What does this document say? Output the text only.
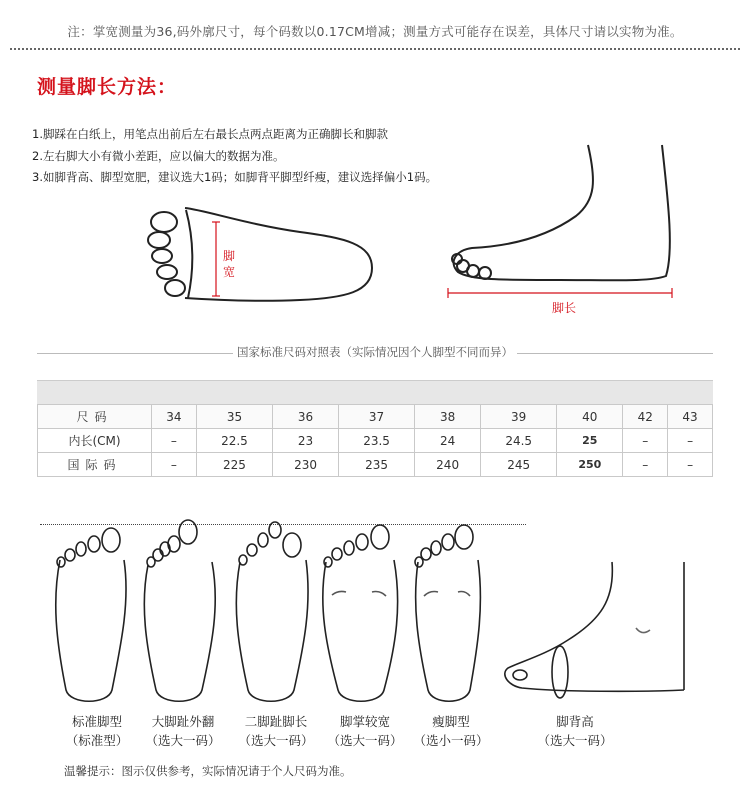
注：掌宽测量为36,码外廓尺寸，每个码数以0.17CM增减；测量方式可能存在误差，具体尺寸请以实物为准。
测量脚长方法：
1.脚踩在白纸上，用笔点出前后左右最长点两点距离为正确脚长和脚款
2.左右脚大小有微小差距，应以偏大的数据为准。
3.如脚背高、脚型宽肥，建议选大1码；如脚背平脚型纤瘦，建议选择偏小1码。
脚
宽
脚长
国家标准尺码对照表（实际情况因个人脚型不同而异）
尺码	34	35	36	37	38	39	40	42	43
内长(CM)	–	22.5	23	23.5	24	24.5	25	–	–
国际码	–	225	230	235	240	245	250	–	–
标准脚型
（标准型）
大脚趾外翻
（选大一码）
二脚趾脚长
（选大一码）
脚掌较宽
（选大一码）
瘦脚型
（选小一码）
脚背高
（选大一码）
温馨提示：图示仅供参考，实际情况请于个人尺码为准。
